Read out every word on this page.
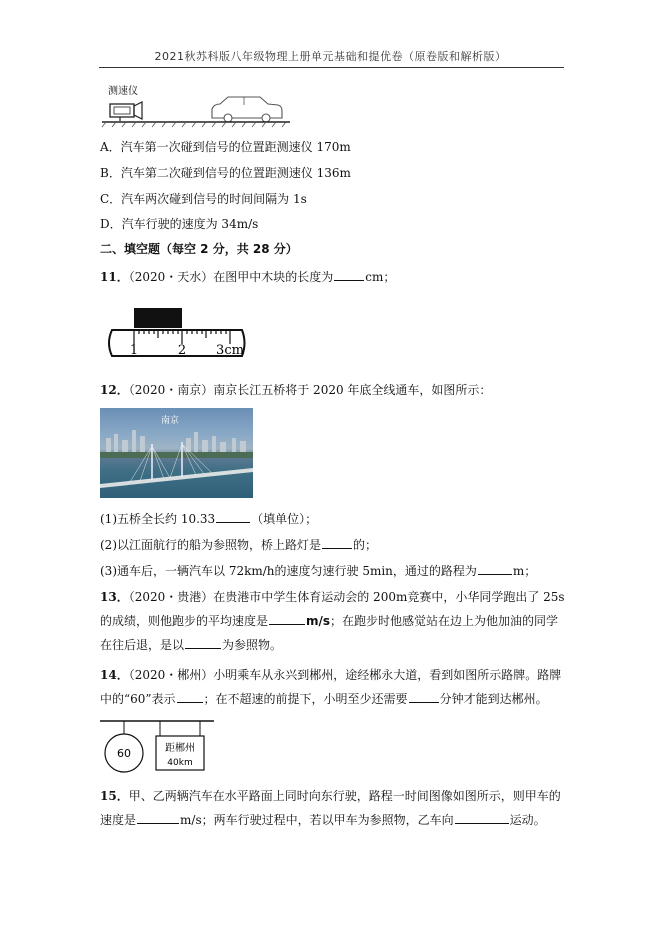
2021秋苏科版八年级物理上册单元基础和提优卷（原卷版和解析版）
测速仪
A．汽车第一次碰到信号的位置距测速仪 170m
B．汽车第二次碰到信号的位置距测速仪 136m
C．汽车两次碰到信号的时间间隔为 1s
D．汽车行驶的速度为 34m/s
二、填空题（每空 2 分，共 28 分）
11．（2020・天水）在图甲中木块的长度为	cm；
1	2 3cm
12．（2020・南京）南京长江五桥将于 2020 年底全线通车，如图所示：
南京
(1)五桥全长约 10.33	（填单位）；
(2)以江面航行的船为参照物，桥上路灯是	的；
(3)通车后，一辆汽车以 72km/h的速度匀速行驶 5min，通过的路程为	m；
13．（2020・贵港）在贵港市中学生体育运动会的 200m竞赛中，小华同学跑出了 25s 的成绩，则他跑步的平均速度是	m/s；在跑步时他感觉站在边上为他加油的同学在往后退，是以	为参照物。
14．（2020・郴州）小明乘车从永兴到郴州，途经郴永大道，看到如图所示路牌。路牌中的“60”表示 ；在不超速的前提下，小明至少还需要	分钟才能到达郴州。
60	距郴州
40km
15．甲、乙两辆汽车在水平路面上同时向东行驶，路程一时间图像如图所示，则甲车的速度是	m/s；两车行驶过程中，若以甲车为参照物，乙车向	运动。
